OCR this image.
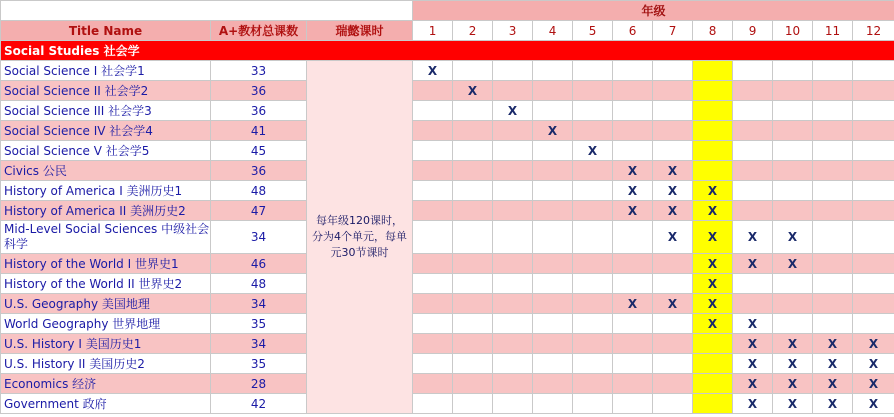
			年级											
Title Name	A+教材总课数	瑞懿课时	1	2	3	4	5	6	7	8	9	10	11	12
Social Studies 社会学														
Social Science I 社会学1	33	每年级120课时，分为4个单元，每单元30节课时	X											
Social Science II 社会学2	36			X										
Social Science III 社会学3	36				X									
Social Science IV 社会学4	41					X								
Social Science V 社会学5	45						X							
Civics 公民	36							X	X					
History of America I 美洲历史1	48							X	X	X				
History of America II 美洲历史2	47							X	X	X				
Mid-Level Social Sciences 中级社会科学	34								X	X	X	X		
History of the World I 世界史1	46									X	X	X		
History of the World II 世界史2	48									X				
U.S. Geography 美国地理	34							X	X	X				
World Geography 世界地理	35									X	X			
U.S. History I 美国历史1	34										X	X	X	X
U.S. History II 美国历史2	35										X	X	X	X
Economics 经济	28										X	X	X	X
Government 政府	42										X	X	X	X
